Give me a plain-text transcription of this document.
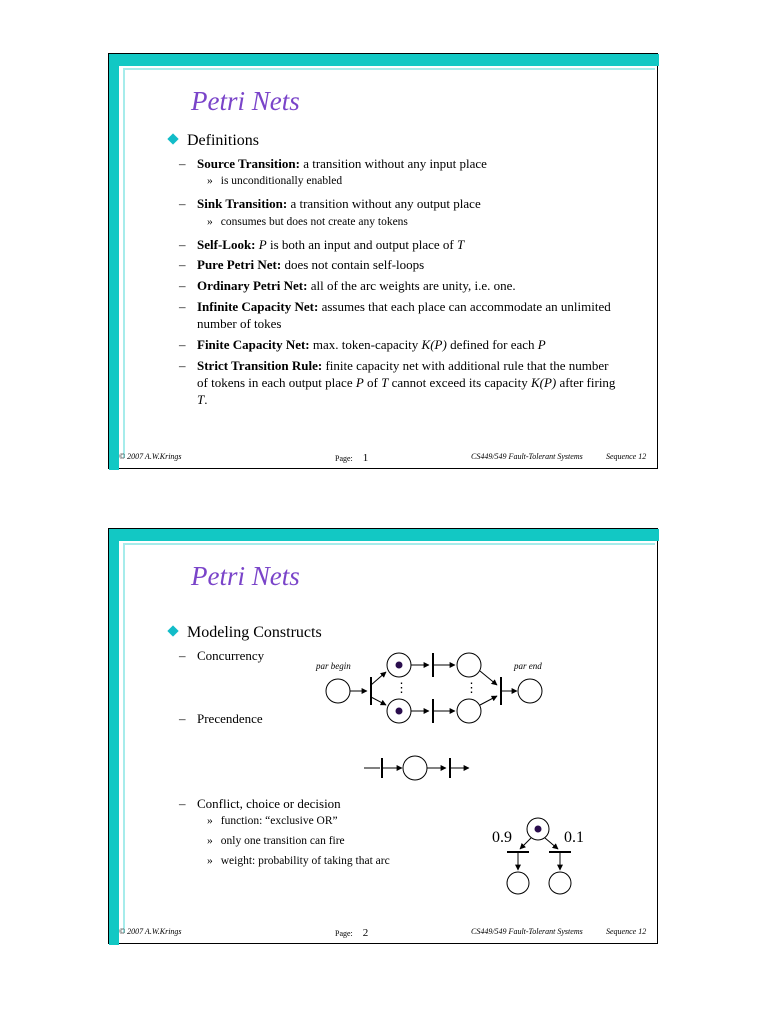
Petri Nets
Definitions
– Source Transition: a transition without any input place
» is unconditionally enabled
– Sink Transition: a transition without any output place
» consumes but does not create any tokens
– Self-Look: P is both an input and output place of T
– Pure Petri Net: does not contain self-loops
– Ordinary Petri Net: all of the arc weights are unity, i.e. one.
– Infinite Capacity Net: assumes that each place can accommodate an unlimited number of tokes
– Finite Capacity Net: max. token-capacity K(P) defined for each P
– Strict Transition Rule: finite capacity net with additional rule that the number of tokens in each output place P of T cannot exceed its capacity K(P) after firing T.
© 2007 A.W.Krings	Page: 1	CS449/549 Fault-Tolerant Systems	Sequence 12
Petri Nets
Modeling Constructs
– Concurrency
– Precendence
– Conflict, choice or decision
» function: “exclusive OR”
» only one transition can fire
» weight: probability of taking that arc
par begin	par end
⋮	⋮
0.9	0.1
© 2007 A.W.Krings	Page: 2	CS449/549 Fault-Tolerant Systems	Sequence 12
